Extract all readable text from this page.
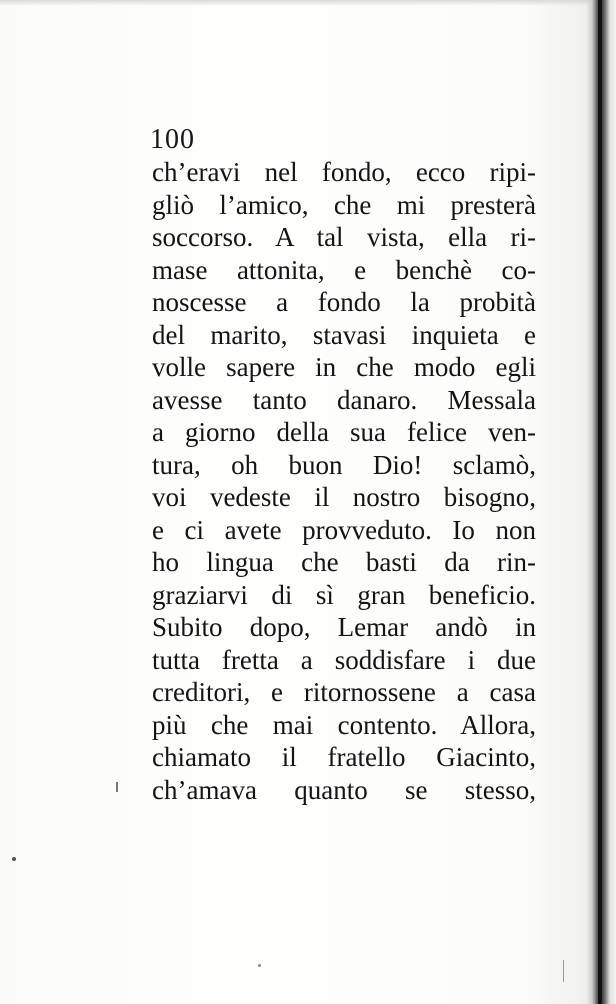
100
ch’eravi nel fondo, ecco ripi-
gliò l’amico, che mi presterà
soccorso. A tal vista, ella ri-
mase attonita, e benchè co-
noscesse a fondo la probità
del marito, stavasi inquieta e
volle sapere in che modo egli
avesse tanto danaro. Messala
a giorno della sua felice ven-
tura, oh buon Dio! sclamò,
voi vedeste il nostro bisogno,
e ci avete provveduto. Io non
ho lingua che basti da rin-
graziarvi di sì gran beneficio.
Subito dopo, Lemar andò in
tutta fretta a soddisfare i due
creditori, e ritornossene a casa
più che mai contento. Allora,
chiamato il fratello Giacinto,
ch’amava quanto se stesso,
